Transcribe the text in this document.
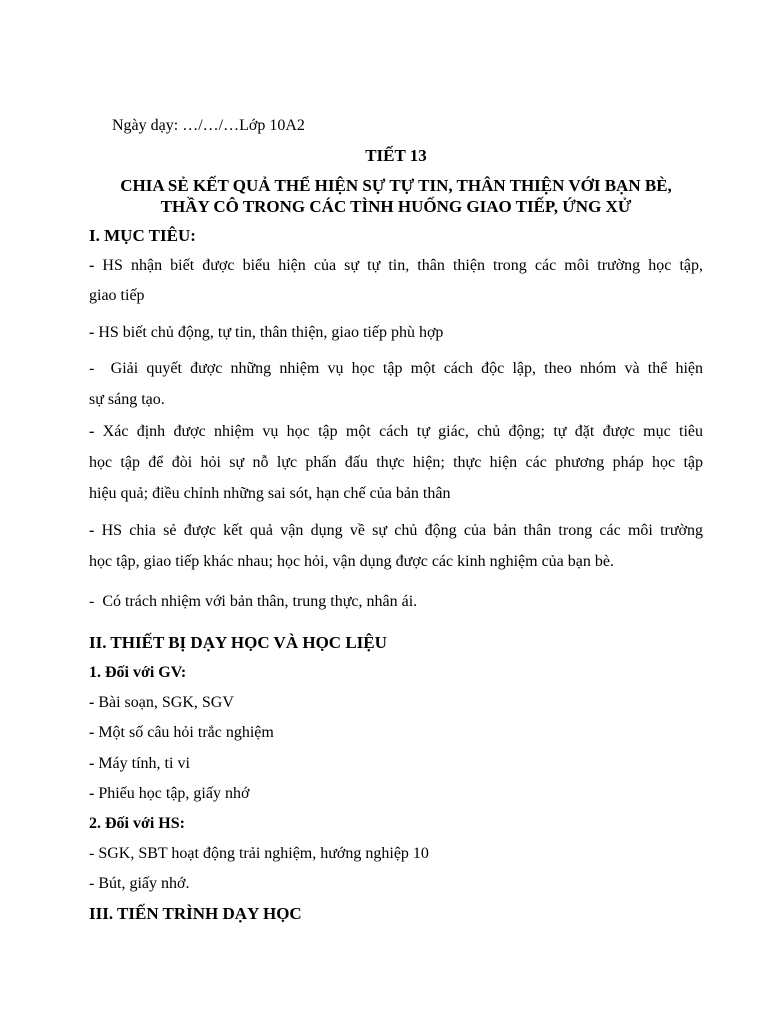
Ngày dạy: …/…/…Lớp 10A2
TIẾT 13
CHIA SẺ KẾT QUẢ THỂ HIỆN SỰ TỰ TIN, THÂN THIỆN VỚI BẠN BÈ,
THẦY CÔ TRONG CÁC TÌNH HUỐNG GIAO TIẾP, ỨNG XỬ
I. MỤC TIÊU:
- HS nhận biết được biểu hiện của sự tự tin, thân thiện trong các môi trường học tập,
giao tiếp
- HS biết chủ động, tự tin, thân thiện, giao tiếp phù hợp
-  Giải quyết được những nhiệm vụ học tập một cách độc lập, theo nhóm và thể hiện
sự sáng tạo.
- Xác định được nhiệm vụ học tập một cách tự giác, chủ động; tự đặt được mục tiêu
học tập để đòi hỏi sự nỗ lực phấn đấu thực hiện; thực hiện các phương pháp học tập
hiệu quả; điều chỉnh những sai sót, hạn chế của bản thân
- HS chia sẻ được kết quả vận dụng về sự chủ động của bản thân trong các môi trường
học tập, giao tiếp khác nhau; học hỏi, vận dụng được các kinh nghiệm của bạn bè.
-  Có trách nhiệm với bản thân, trung thực, nhân ái.
II. THIẾT BỊ DẠY HỌC VÀ HỌC LIỆU
1. Đối với GV:
- Bài soạn, SGK, SGV
- Một số câu hỏi trắc nghiệm
- Máy tính, ti vi
- Phiếu học tập, giấy nhớ
2. Đối với HS:
- SGK, SBT hoạt động trải nghiệm, hướng nghiệp 10
- Bút, giấy nhớ.
III. TIẾN TRÌNH DẠY HỌC
